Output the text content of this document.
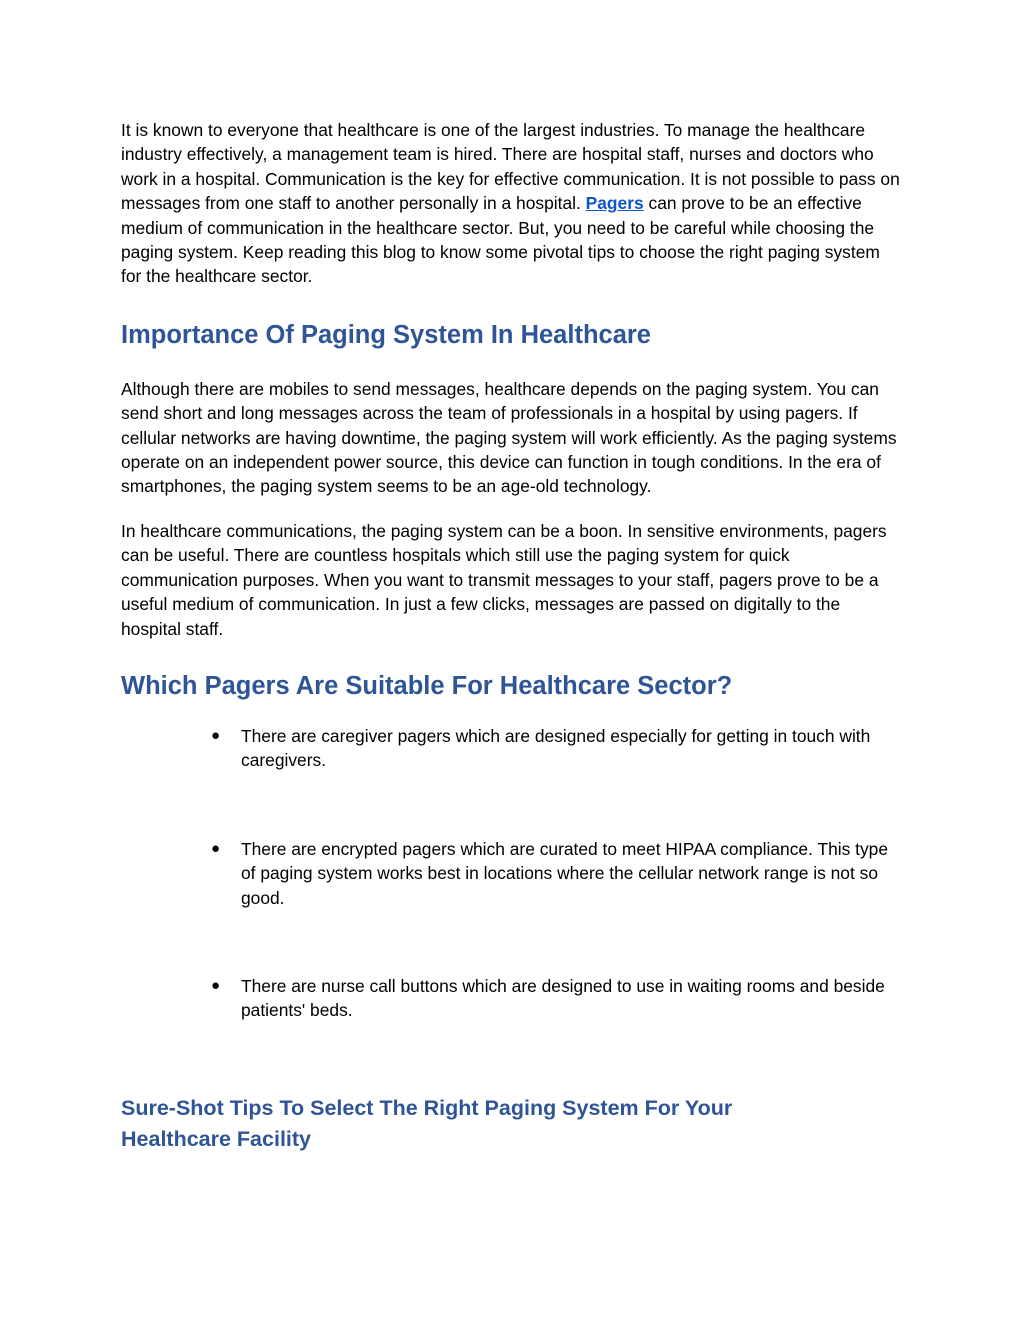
It is known to everyone that healthcare is one of the largest industries. To manage the healthcare industry effectively, a management team is hired. There are hospital staff, nurses and doctors who work in a hospital. Communication is the key for effective communication. It is not possible to pass on messages from one staff to another personally in a hospital. Pagers can prove to be an effective medium of communication in the healthcare sector. But, you need to be careful while choosing the paging system. Keep reading this blog to know some pivotal tips to choose the right paging system for the healthcare sector.

Importance Of Paging System In Healthcare

Although there are mobiles to send messages, healthcare depends on the paging system. You can send short and long messages across the team of professionals in a hospital by using pagers. If cellular networks are having downtime, the paging system will work efficiently. As the paging systems operate on an independent power source, this device can function in tough conditions. In the era of smartphones, the paging system seems to be an age-old technology.

In healthcare communications, the paging system can be a boon. In sensitive environments, pagers can be useful. There are countless hospitals which still use the paging system for quick communication purposes. When you want to transmit messages to your staff, pagers prove to be a useful medium of communication. In just a few clicks, messages are passed on digitally to the hospital staff.

Which Pagers Are Suitable For Healthcare Sector?
● There are caregiver pagers which are designed especially for getting in touch with caregivers.
● There are encrypted pagers which are curated to meet HIPAA compliance. This type of paging system works best in locations where the cellular network range is not so good.
● There are nurse call buttons which are designed to use in waiting rooms and beside patients' beds.
Sure-Shot Tips To Select The Right Paging System For Your Healthcare Facility
